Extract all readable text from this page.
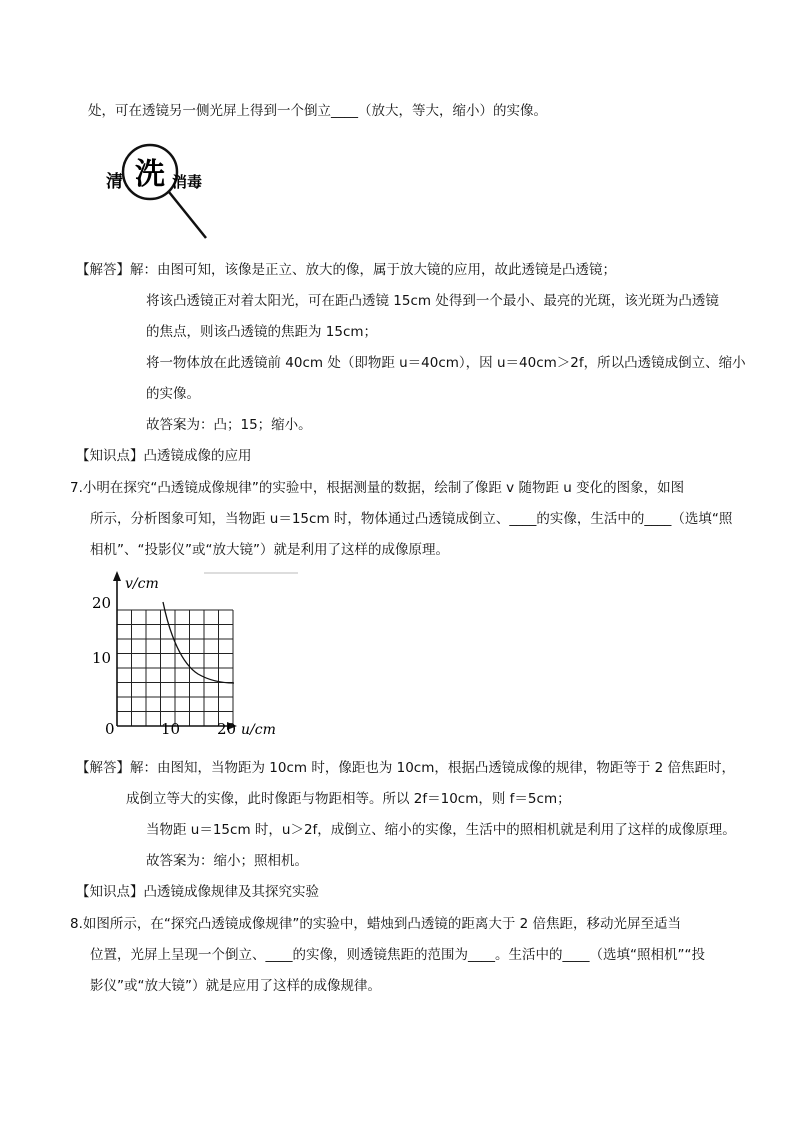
处，可在透镜另一侧光屏上得到一个倒立____（放大，等大，缩小）的实像。
清 洗 消毒
【解答】解：由图可知，该像是正立、放大的像，属于放大镜的应用，故此透镜是凸透镜；
将该凸透镜正对着太阳光，可在距凸透镜 15cm 处得到一个最小、最亮的光斑，该光斑为凸透镜
的焦点，则该凸透镜的焦距为 15cm；
将一物体放在此透镜前 40cm 处（即物距 u＝40cm），因 u＝40cm＞2f，所以凸透镜成倒立、缩小
的实像。
故答案为：凸；15；缩小。
【知识点】凸透镜成像的应用
7.小明在探究“凸透镜成像规律”的实验中，根据测量的数据，绘制了像距 v 随物距 u 变化的图象，如图
所示，分析图象可知，当物距 u＝15cm 时，物体通过凸透镜成倒立、____的实像，生活中的____（选填“照
相机”、“投影仪”或“放大镜”）就是利用了这样的成像原理。
v/cm
20
10
0	10 20 u/cm
【解答】解：由图知，当物距为 10cm 时，像距也为 10cm，根据凸透镜成像的规律，物距等于 2 倍焦距时，
成倒立等大的实像，此时像距与物距相等。所以 2f＝10cm，则 f＝5cm；
当物距 u＝15cm 时，u＞2f，成倒立、缩小的实像，生活中的照相机就是利用了这样的成像原理。
故答案为：缩小；照相机。
【知识点】凸透镜成像规律及其探究实验
8.如图所示，在“探究凸透镜成像规律”的实验中，蜡烛到凸透镜的距离大于 2 倍焦距，移动光屏至适当
位置，光屏上呈现一个倒立、____的实像，则透镜焦距的范围为____。生活中的____（选填“照相机”“投
影仪”或“放大镜”）就是应用了这样的成像规律。
